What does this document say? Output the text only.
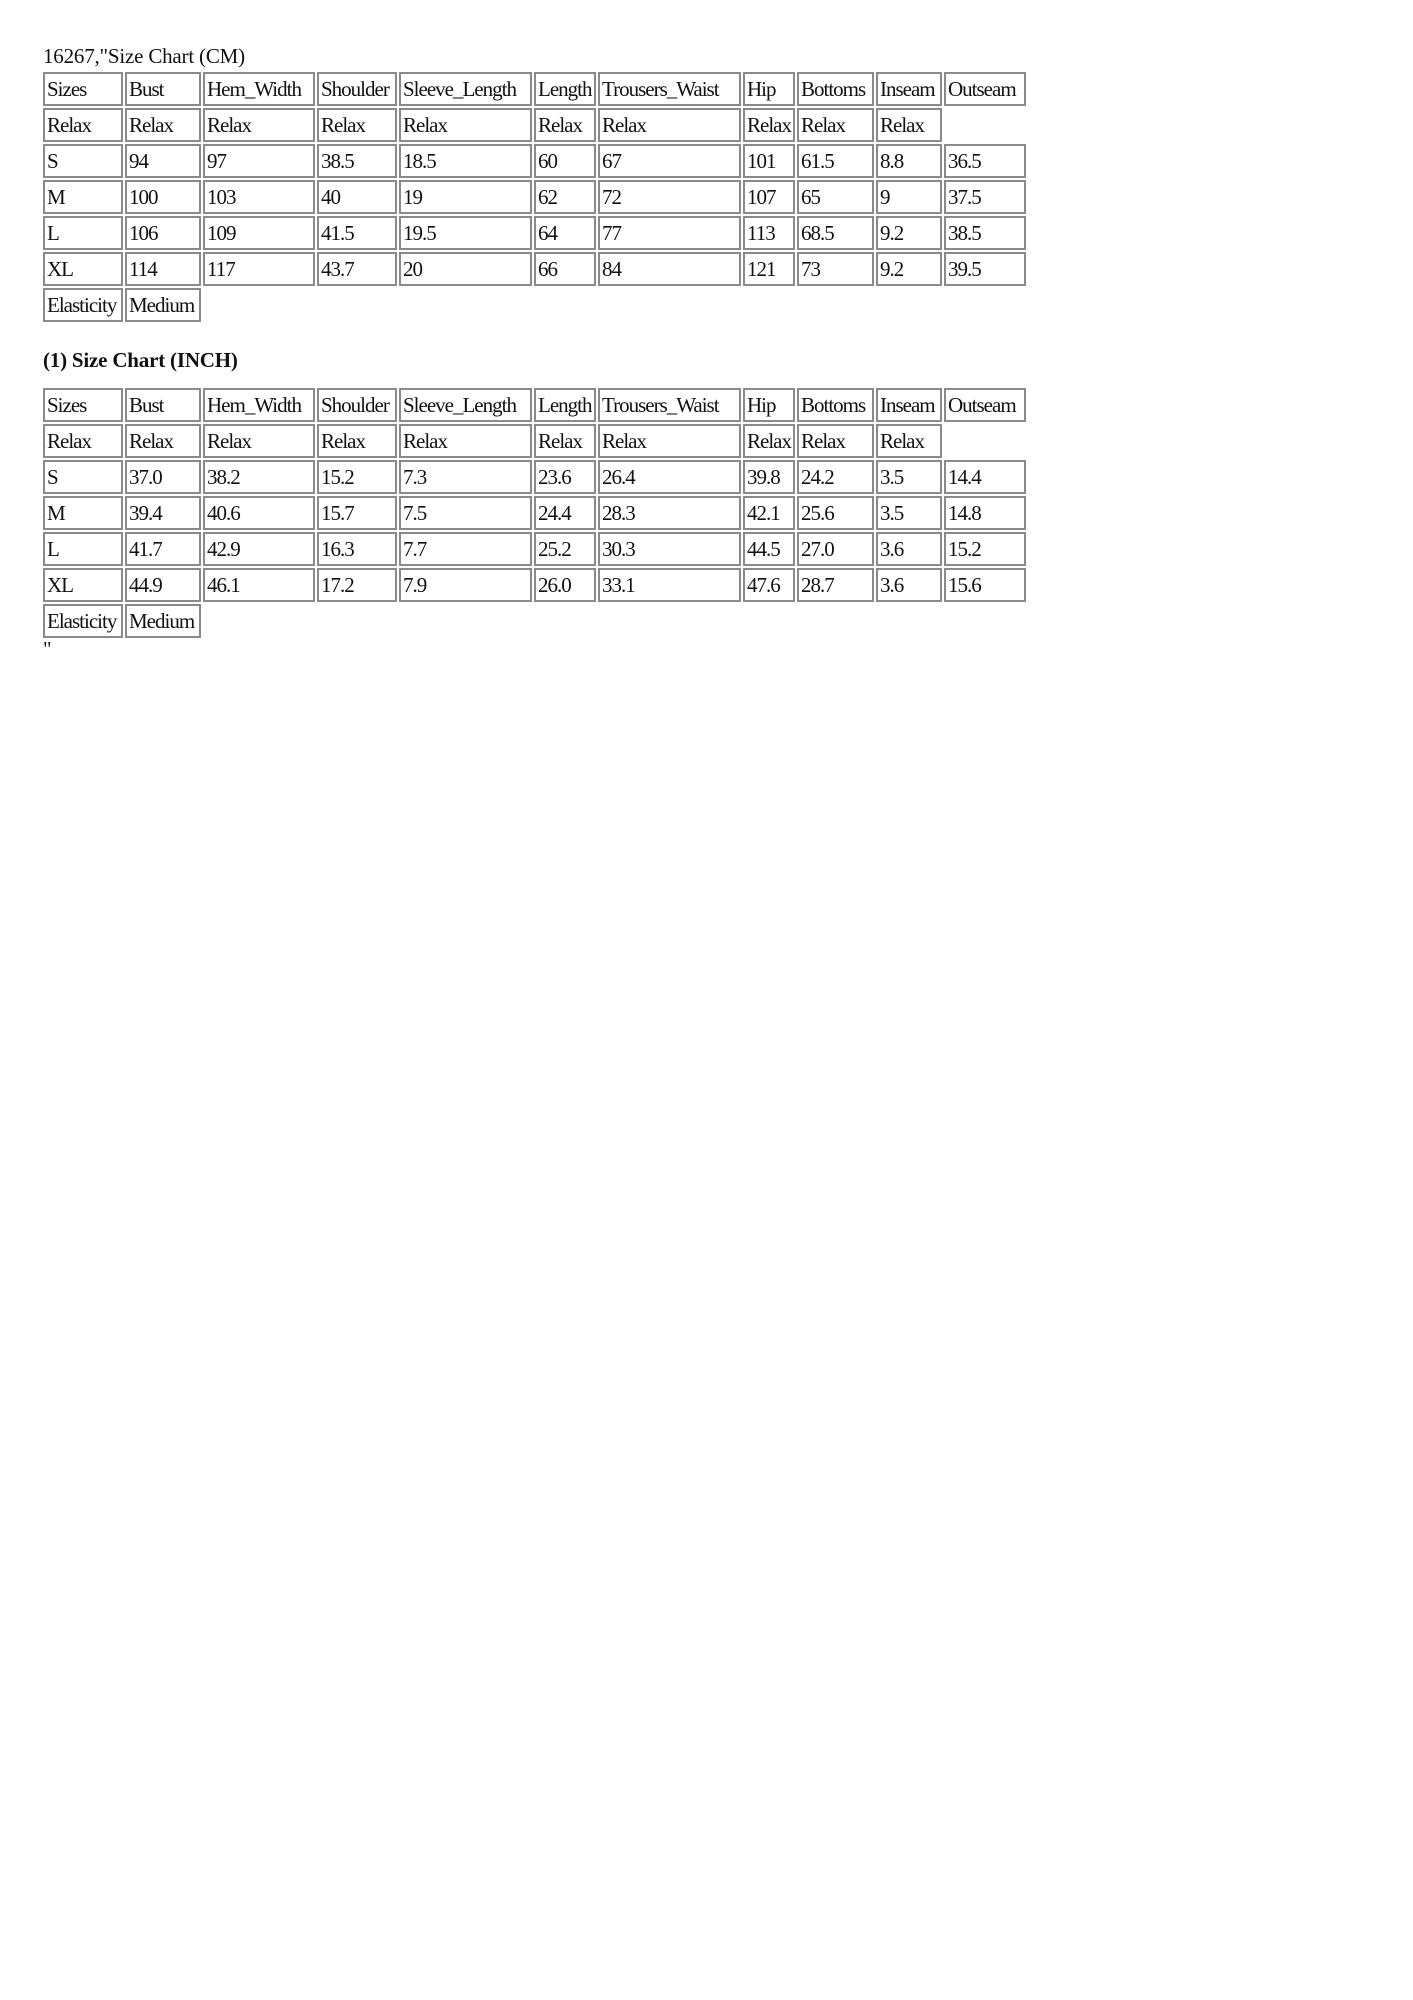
16267,"Size Chart (CM)
Sizes	Bust	Hem_Width	Shoulder	Sleeve_Length	Length	Trousers_Waist	Hip	Bottoms	Inseam	Outseam
Relax	Relax	Relax	Relax	Relax	Relax	Relax	Relax	Relax	Relax	
S	94	97	38.5	18.5	60	67	101	61.5	8.8	36.5
M	100	103	40	19	62	72	107	65	9	37.5
L	106	109	41.5	19.5	64	77	113	68.5	9.2	38.5
XL	114	117	43.7	20	66	84	121	73	9.2	39.5
Elasticity	Medium									
(1) Size Chart (INCH)
Sizes	Bust	Hem_Width	Shoulder	Sleeve_Length	Length	Trousers_Waist	Hip	Bottoms	Inseam	Outseam
Relax	Relax	Relax	Relax	Relax	Relax	Relax	Relax	Relax	Relax	
S	37.0	38.2	15.2	7.3	23.6	26.4	39.8	24.2	3.5	14.4
M	39.4	40.6	15.7	7.5	24.4	28.3	42.1	25.6	3.5	14.8
L	41.7	42.9	16.3	7.7	25.2	30.3	44.5	27.0	3.6	15.2
XL	44.9	46.1	17.2	7.9	26.0	33.1	47.6	28.7	3.6	15.6
Elasticity	Medium									
"
